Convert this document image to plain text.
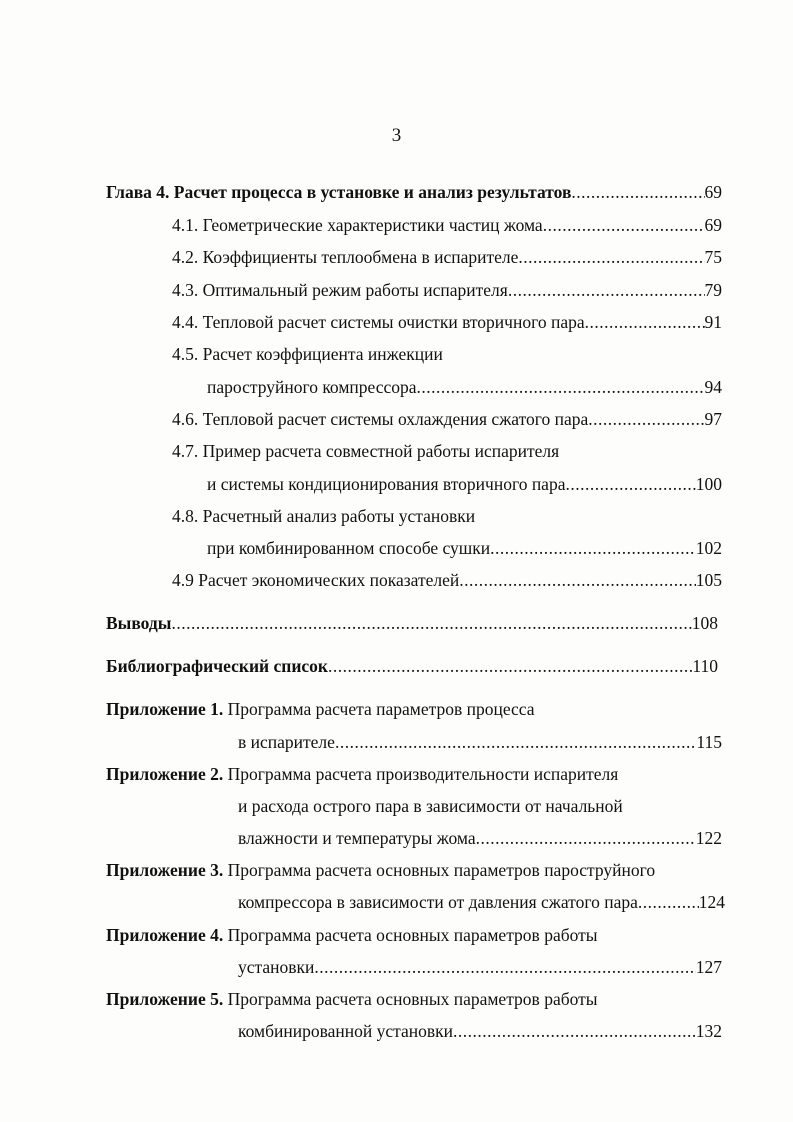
3
Глава 4. Расчет процесса в установке и анализ результатов .....	69
4.1. Геометрические характеристики частиц жома .....	69
4.2. Коэффициенты теплообмена в испарителе .....	75
4.3. Оптимальный режим работы испарителя .....	79
4.4. Тепловой расчет системы очистки вторичного пара .....	91
4.5. Расчет коэффициента инжекции
пароструйного компрессора .....	94
4.6. Тепловой расчет системы охлаждения сжатого пара .....	97
4.7. Пример расчета совместной работы испарителя
и системы кондиционирования вторичного пара .....	100
4.8. Расчетный анализ работы установки
при комбинированном способе сушки .....	102
4.9 Расчет экономических показателей .....	105
Выводы .....	108
Библиографический список .....	110
Приложение 1.
Программа расчета параметров процесса
в испарителе .....	115
Приложение 2.
Программа расчета производительности испарителя
и расхода острого пара в зависимости от начальной
влажности и температуры жома .....	122
Приложение 3.
Программа расчета основных параметров пароструйного
компрессора в зависимости от давления сжатого пара .....	124
Приложение 4.
Программа расчета основных параметров работы
установки .....	127
Приложение 5.
Программа расчета основных параметров работы
комбинированной установки .....	132
